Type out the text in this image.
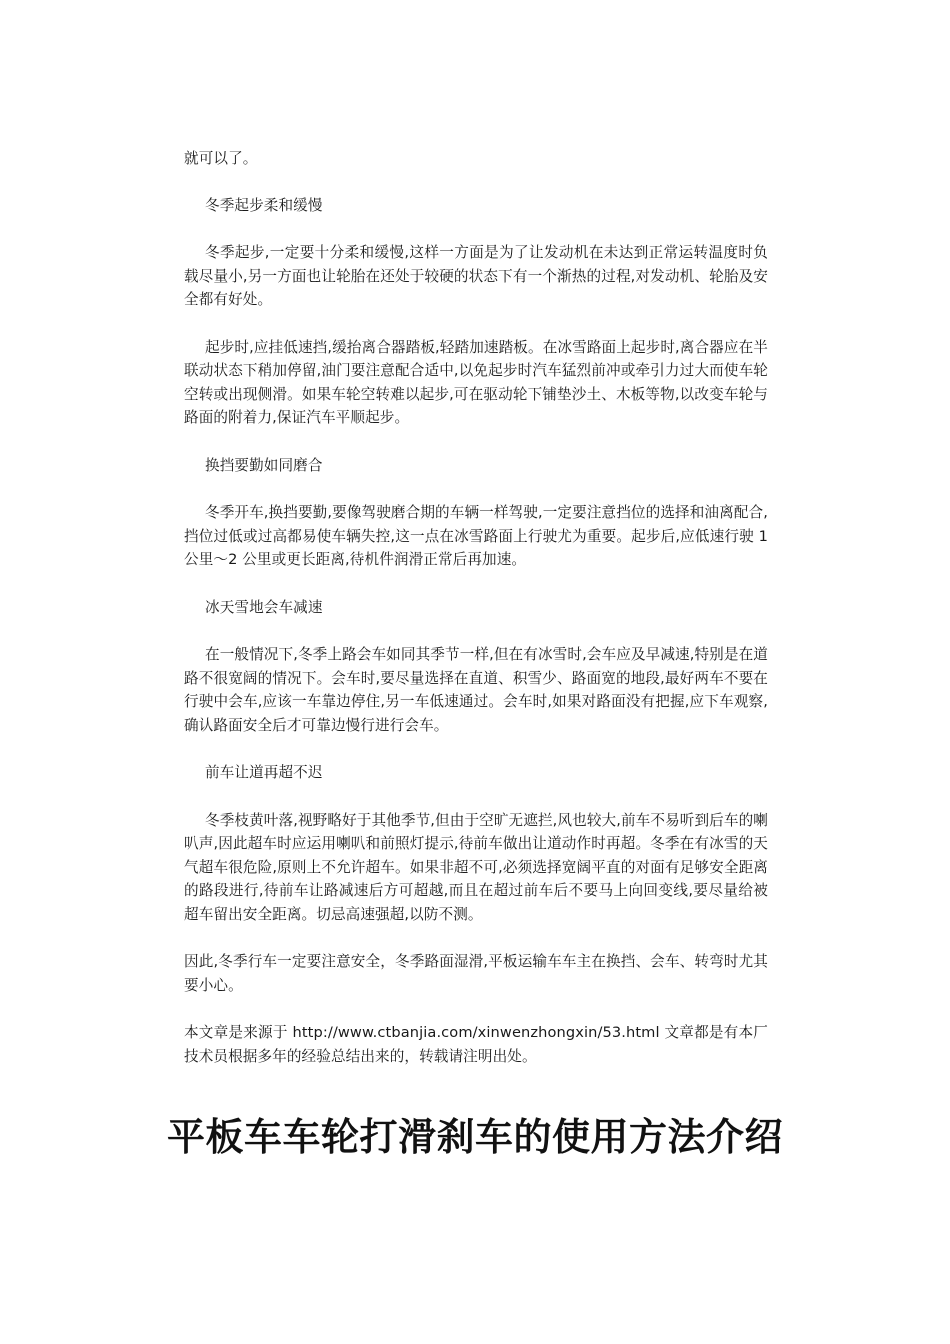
就可以了。

冬季起步柔和缓慢

冬季起步,一定要十分柔和缓慢,这样一方面是为了让发动机在未达到正常运转温度时负载尽量小,另一方面也让轮胎在还处于较硬的状态下有一个渐热的过程,对发动机、轮胎及安全都有好处。

起步时,应挂低速挡,缓抬离合器踏板,轻踏加速踏板。在冰雪路面上起步时,离合器应在半联动状态下稍加停留,油门要注意配合适中,以免起步时汽车猛烈前冲或牵引力过大而使车轮空转或出现侧滑。如果车轮空转难以起步,可在驱动轮下铺垫沙土、木板等物,以改变车轮与路面的附着力,保证汽车平顺起步。

换挡要勤如同磨合

冬季开车,换挡要勤,要像驾驶磨合期的车辆一样驾驶,一定要注意挡位的选择和油离配合,挡位过低或过高都易使车辆失控,这一点在冰雪路面上行驶尤为重要。起步后,应低速行驶 1 公里～2 公里或更长距离,待机件润滑正常后再加速。

冰天雪地会车减速

在一般情况下,冬季上路会车如同其季节一样,但在有冰雪时,会车应及早减速,特别是在道路不很宽阔的情况下。会车时,要尽量选择在直道、积雪少、路面宽的地段,最好两车不要在行驶中会车,应该一车靠边停住,另一车低速通过。会车时,如果对路面没有把握,应下车观察,确认路面安全后才可靠边慢行进行会车。

前车让道再超不迟

冬季枝黄叶落,视野略好于其他季节,但由于空旷无遮拦,风也较大,前车不易听到后车的喇叭声,因此超车时应运用喇叭和前照灯提示,待前车做出让道动作时再超。冬季在有冰雪的天气超车很危险,原则上不允许超车。如果非超不可,必须选择宽阔平直的对面有足够安全距离的路段进行,待前车让路减速后方可超越,而且在超过前车后不要马上向回变线,要尽量给被超车留出安全距离。切忌高速强超,以防不测。

因此,冬季行车一定要注意安全，冬季路面湿滑,平板运输车车主在换挡、会车、转弯时尤其要小心。

本文章是来源于 http://www.ctbanjia.com/xinwenzhongxin/53.html 文章都是有本厂技术员根据多年的经验总结出来的，转载请注明出处。

平板车车轮打滑刹车的使用方法介绍
